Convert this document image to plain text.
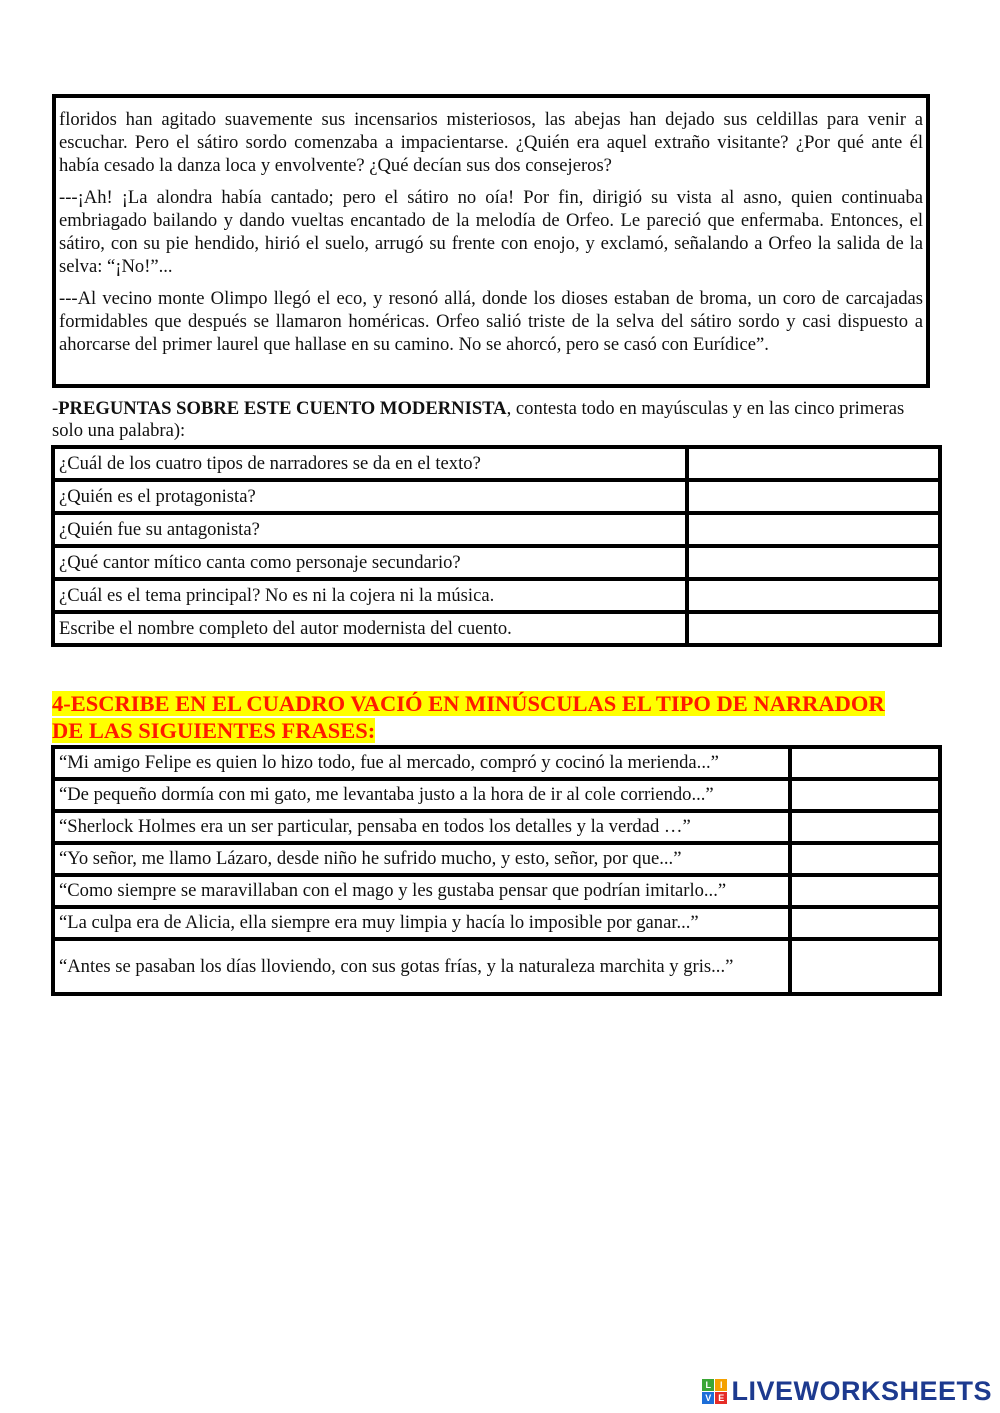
floridos han agitado suavemente sus incensarios misteriosos, las abejas han dejado sus celdillas para venir a escuchar. Pero el sátiro sordo comenzaba a impacientarse. ¿Quién era aquel extraño visitante? ¿Por qué ante él había cesado la danza loca y envolvente? ¿Qué decían sus dos consejeros?

---¡Ah! ¡La alondra había cantado; pero el sátiro no oía! Por fin, dirigió su vista al asno, quien continuaba embriagado bailando y dando vueltas encantado de la melodía de Orfeo. Le pareció que enfermaba. Entonces, el sátiro, con su pie hendido, hirió el suelo, arrugó su frente con enojo, y exclamó, señalando a Orfeo la salida de la selva: “¡No!”...

---Al vecino monte Olimpo llegó el eco, y resonó allá, donde los dioses estaban de broma, un coro de carcajadas formidables que después se llamaron homéricas. Orfeo salió triste de la selva del sátiro sordo y casi dispuesto a ahorcarse del primer laurel que hallase en su camino. No se ahorcó, pero se casó con Eurídice”.

-PREGUNTAS SOBRE ESTE CUENTO MODERNISTA, contesta todo en mayúsculas y en las cinco primeras solo una palabra):
¿Cuál de los cuatro tipos de narradores se da en el texto?	
¿Quién es el protagonista?	
¿Quién fue su antagonista?	
¿Qué cantor mítico canta como personaje secundario?	
¿Cuál es el tema principal? No es ni la cojera ni la música.	
Escribe el nombre completo del autor modernista del cuento.	
4-ESCRIBE EN EL CUADRO VACIÓ EN MINÚSCULAS EL TIPO DE NARRADOR
DE LAS SIGUIENTES FRASES:
“Mi amigo Felipe es quien lo hizo todo, fue al mercado, compró y cocinó la merienda...”	
“De pequeño dormía con mi gato, me levantaba justo a la hora de ir al cole corriendo...”	
“Sherlock Holmes era un ser particular, pensaba en todos los detalles y la verdad …”	
“Yo señor, me llamo Lázaro, desde niño he sufrido mucho, y esto, señor, por que...”	
“Como siempre se maravillaban con el mago y les gustaba pensar que podrían imitarlo...”	
“La culpa era de Alicia, ella siempre era muy limpia y hacía lo imposible por ganar...”	
“Antes se pasaban los días lloviendo, con sus gotas frías, y la naturaleza marchita y gris...”	
L I
V E LIVEWORKSHEETS
